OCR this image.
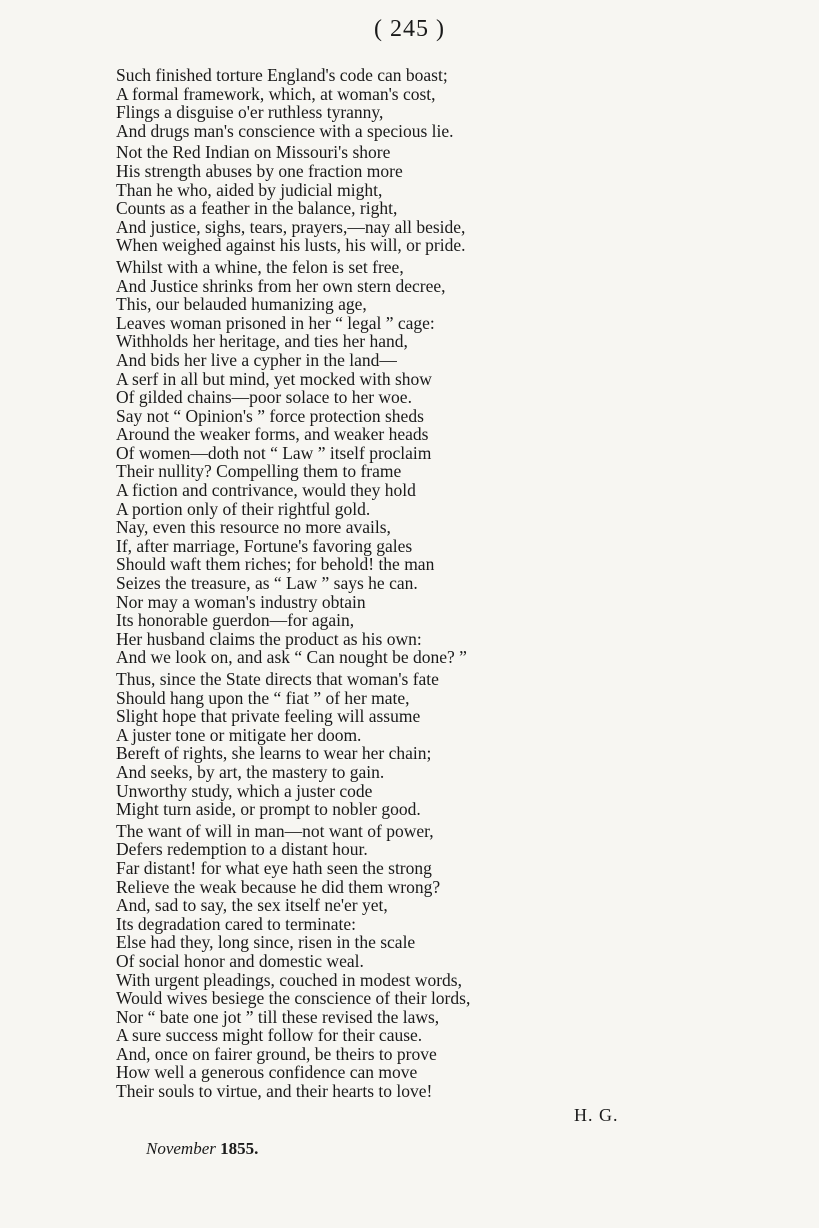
( 245 )
Such finished torture England's code can boast;
A formal framework, which, at woman's cost,
Flings a disguise o'er ruthless tyranny,
And drugs man's conscience with a specious lie.
Not the Red Indian on Missouri's shore
His strength abuses by one fraction more
Than he who, aided by judicial might,
Counts as a feather in the balance, right,
And justice, sighs, tears, prayers,—nay all beside,
When weighed against his lusts, his will, or pride.
Whilst with a whine, the felon is set free,
And Justice shrinks from her own stern decree,
This, our belauded humanizing age,
Leaves woman prisoned in her “ legal ” cage:
Withholds her heritage, and ties her hand,
And bids her live a cypher in the land—
A serf in all but mind, yet mocked with show
Of gilded chains—poor solace to her woe.
Say not “ Opinion's ” force protection sheds
Around the weaker forms, and weaker heads
Of women—doth not “ Law ” itself proclaim
Their nullity? Compelling them to frame
A fiction and contrivance, would they hold
A portion only of their rightful gold.
Nay, even this resource no more avails,
If, after marriage, Fortune's favoring gales
Should waft them riches; for behold! the man
Seizes the treasure, as “ Law ” says he can.
Nor may a woman's industry obtain
Its honorable guerdon—for again,
Her husband claims the product as his own:
And we look on, and ask “ Can nought be done? ”
Thus, since the State directs that woman's fate
Should hang upon the “ fiat ” of her mate,
Slight hope that private feeling will assume
A juster tone or mitigate her doom.
Bereft of rights, she learns to wear her chain;
And seeks, by art, the mastery to gain.
Unworthy study, which a juster code
Might turn aside, or prompt to nobler good.
The want of will in man—not want of power,
Defers redemption to a distant hour.
Far distant! for what eye hath seen the strong
Relieve the weak because he did them wrong?
And, sad to say, the sex itself ne'er yet,
Its degradation cared to terminate:
Else had they, long since, risen in the scale
Of social honor and domestic weal.
With urgent pleadings, couched in modest words,
Would wives besiege the conscience of their lords,
Nor “ bate one jot ” till these revised the laws,
A sure success might follow for their cause.
And, once on fairer ground, be theirs to prove
How well a generous confidence can move
Their souls to virtue, and their hearts to love!
H. G.
November 1855.
